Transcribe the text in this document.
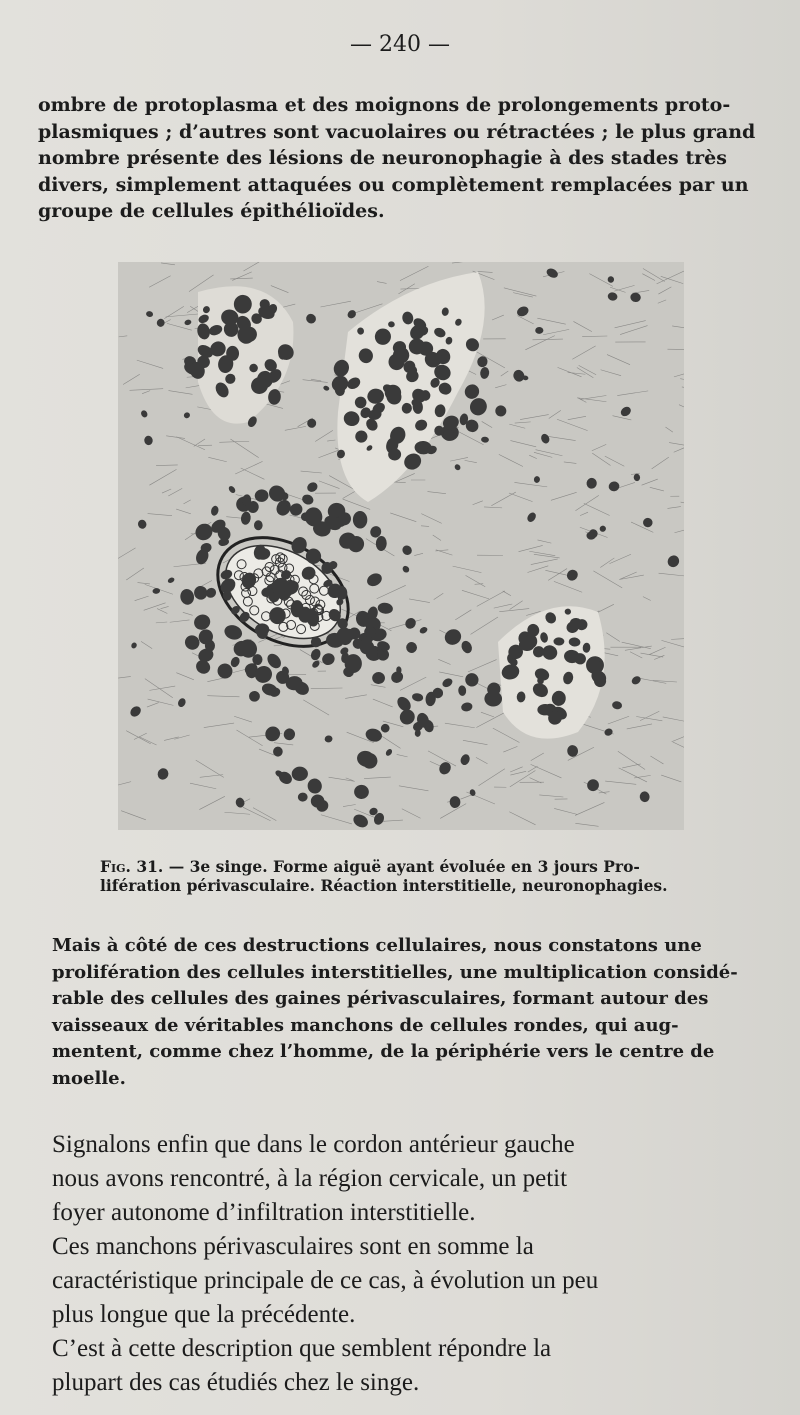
— 240 —

ombre de protoplasma et des moignons de prolongements proto-
plasmiques ; d’autres sont vacuolaires ou rétractées ; le plus grand
nombre présente des lésions de neuronophagie à des stades très
divers, simplement attaquées ou complètement remplacées par un
groupe de cellules épithélioïdes.

Fig. 31. — 3e singe. Forme aiguë ayant évoluée en 3 jours Pro-
lifération périvasculaire. Réaction interstitielle, neuronophagies.

Mais à côté de ces destructions cellulaires, nous constatons une
prolifération des cellules interstitielles, une multiplication considé-
rable des cellules des gaines périvasculaires, formant autour des
vaisseaux de véritables manchons de cellules rondes, qui aug-
mentent, comme chez l’homme, de la périphérie vers le centre de
moelle.

Signalons enfin que dans le cordon antérieur gauche
nous avons rencontré, à la région cervicale, un petit
foyer autonome d’infiltration interstitielle.
Ces manchons périvasculaires sont en somme la
caractéristique principale de ce cas, à évolution un peu
plus longue que la précédente.
C’est à cette description que semblent répondre la
plupart des cas étudiés chez le singe.
